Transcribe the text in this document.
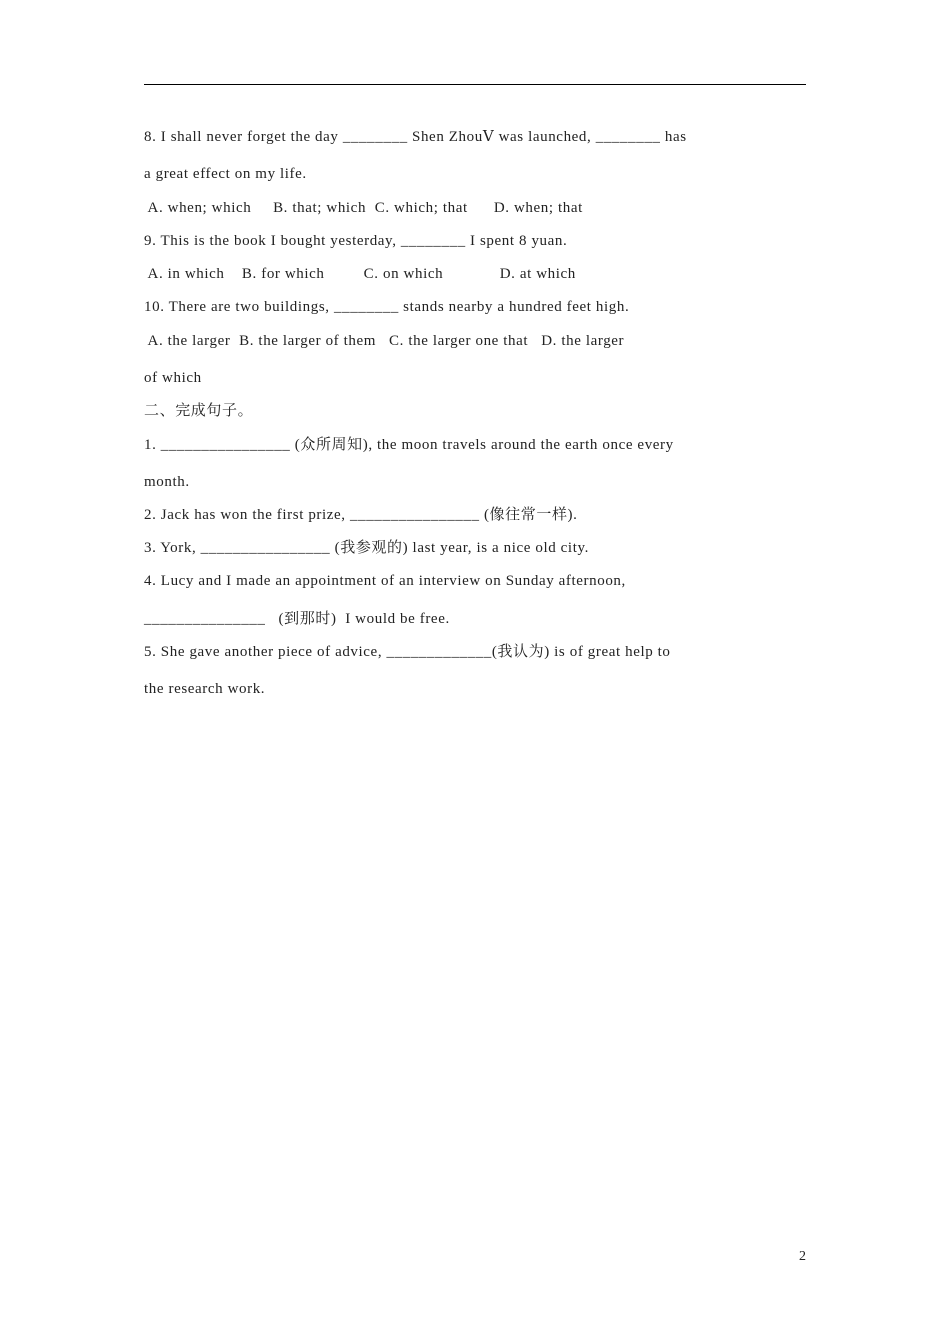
8. I shall never forget the day ________ Shen ZhouⅤ was launched, ________ has
a great effect on my life.
A. when; which     B. that; which  C. which; that      D. when; that
9. This is the book I bought yesterday, ________ I spent 8 yuan.
A. in which    B. for which         C. on which             D. at which
10. There are two buildings, ________ stands nearby a hundred feet high.
A. the larger  B. the larger of them   C. the larger one that   D. the larger
of which
二、完成句子。
1. ________________ (众所周知), the moon travels around the earth once every
month.
2. Jack has won the first prize, ________________ (像往常一样).
3. York, ________________ (我参观的) last year, is a nice old city.
4. Lucy and I made an appointment of an interview on Sunday afternoon,
_______________   (到那时)  I would be free.
5. She gave another piece of advice, _____________(我认为) is of great help to
the research work.
2
